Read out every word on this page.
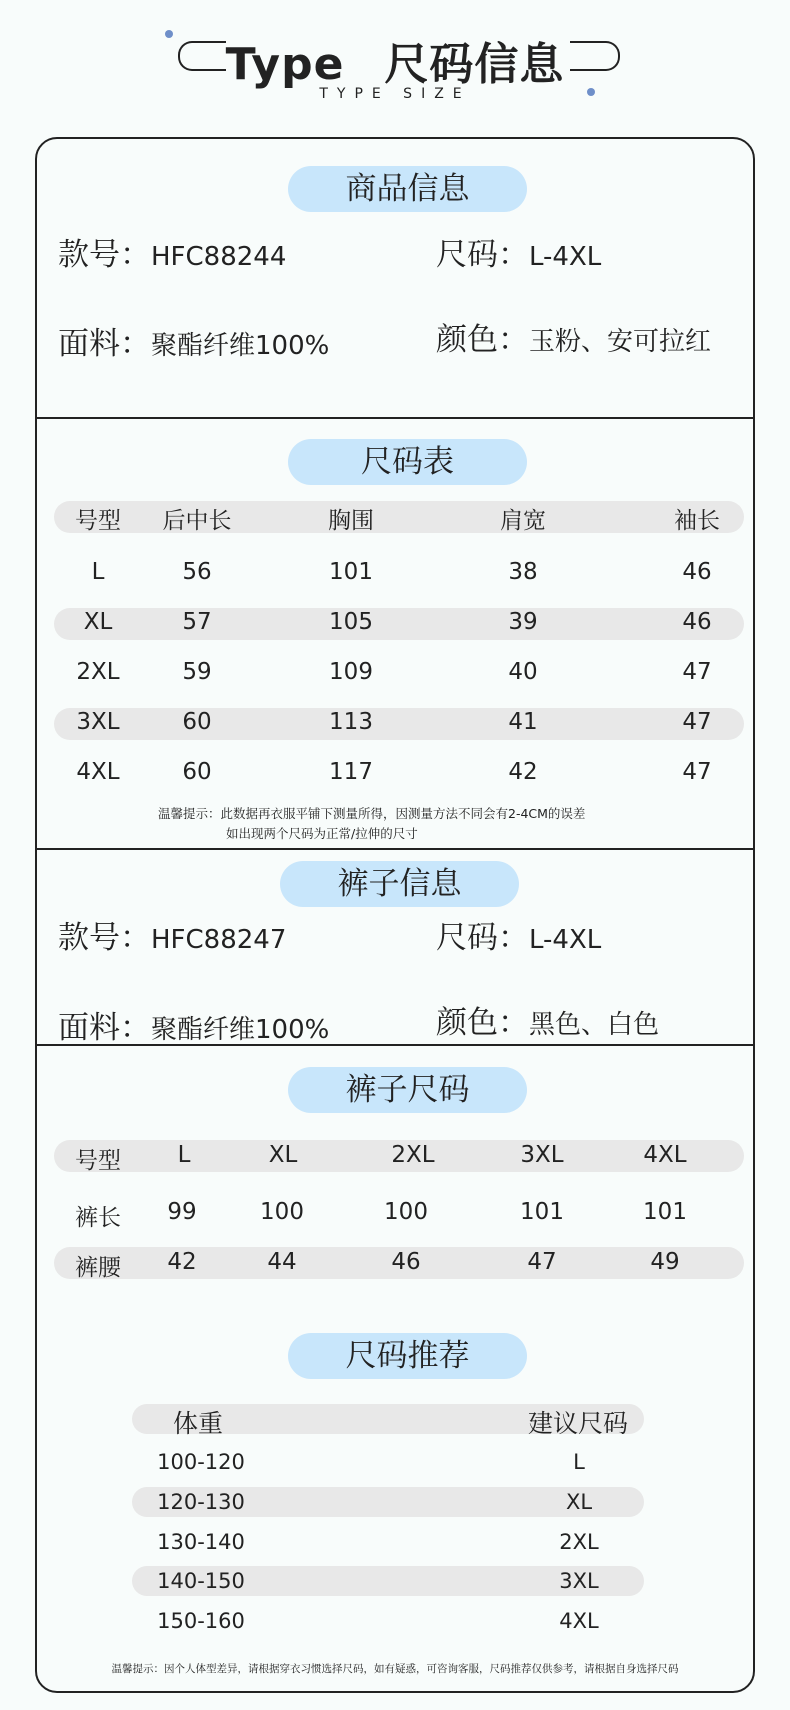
Type 尺码信息
TYPE SIZE
商品信息
款号：HFC88244	尺码：L-4XL
面料：聚酯纤维100%	颜色：玉粉、安可拉红
尺码表
号型	后中长	胸围	肩宽	袖长
L	56	101	38	46
XL	57	105	39	46
2XL	59	109	40	47
3XL	60	113	41	47
4XL	60	117	42	47
温馨提示：此数据再衣服平铺下测量所得，因测量方法不同会有2-4CM的误差
如出现两个尺码为正常/拉伸的尺寸
裤子信息
款号：HFC88247	尺码：L-4XL
面料：聚酯纤维100%	颜色：黑色、白色
裤子尺码
号型	L	XL	2XL	3XL	4XL
裤长	99	100	100	101	101
裤腰	42	44	46	47	49
尺码推荐
体重	建议尺码
100-120	L
120-130	XL
130-140	2XL
140-150	3XL
150-160	4XL
温馨提示：因个人体型差异，请根据穿衣习惯选择尺码，如有疑惑，可咨询客服，尺码推荐仅供参考，请根据自身选择尺码
